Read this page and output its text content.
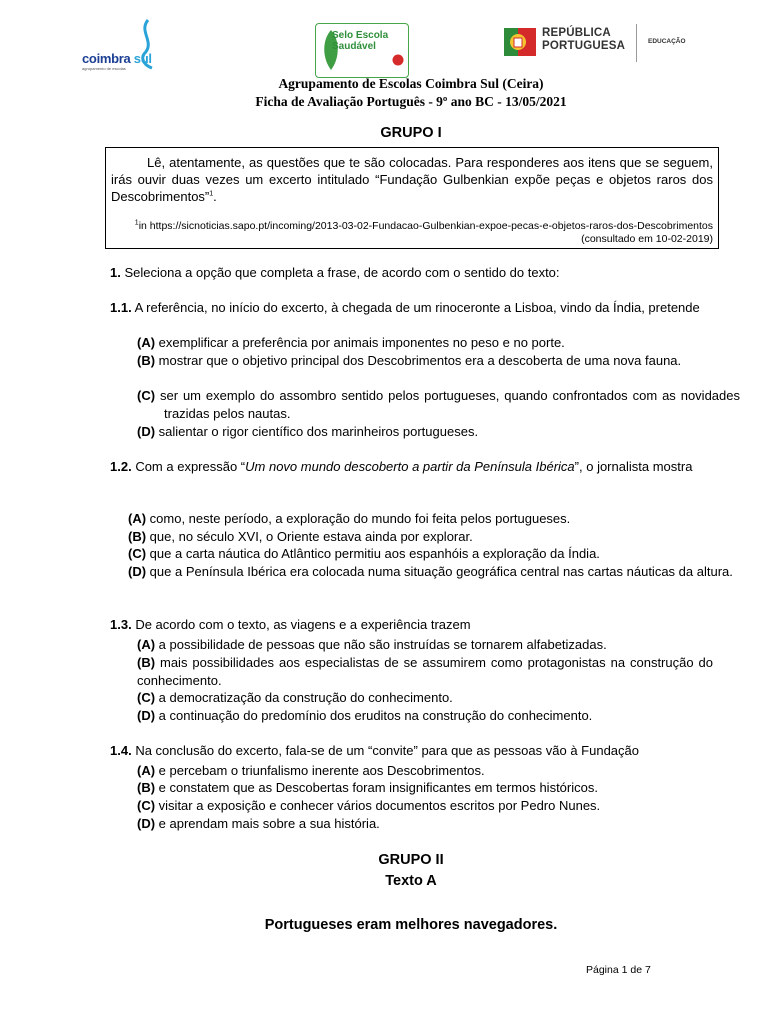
coimbra sul
agrupamento de escolas
Selo Escola Saudável
REPÚBLICA
PORTUGUESA	EDUCAÇÃO
Agrupamento de Escolas Coimbra Sul (Ceira)
Ficha de Avaliação Português - 9º ano BC - 13/05/2021
GRUPO I
Lê, atentamente, as questões que te são colocadas. Para responderes aos itens que se seguem, irás ouvir duas vezes um excerto intitulado “Fundação Gulbenkian expõe peças e objetos raros dos Descobrimentos”$^1$.
$^1$in https://sicnoticias.sapo.pt/incoming/2013-03-02-Fundacao-Gulbenkian-expoe-pecas-e-objetos-raros-dos-Descobrimentos (consultado em 10-02-2019)
1. Seleciona a opção que completa a frase, de acordo com o sentido do texto:
1.1. A referência, no início do excerto, à chegada de um rinoceronte a Lisboa, vindo da Índia, pretende
(A) exemplificar a preferência por animais imponentes no peso e no porte.
(B) mostrar que o objetivo principal dos Descobrimentos era a descoberta de uma nova fauna.
(C) ser um exemplo do assombro sentido pelos portugueses, quando confrontados com as novidades trazidas pelos nautas.
(D) salientar o rigor científico dos marinheiros portugueses.
1.2. Com a expressão “Um novo mundo descoberto a partir da Península Ibérica”, o jornalista mostra
(A) como, neste período, a exploração do mundo foi feita pelos portugueses.
(B) que, no século XVI, o Oriente estava ainda por explorar.
(C) que a carta náutica do Atlântico permitiu aos espanhóis a exploração da Índia.
(D) que a Península Ibérica era colocada numa situação geográfica central nas cartas náuticas da altura.
1.3. De acordo com o texto, as viagens e a experiência trazem
(A) a possibilidade de pessoas que não são instruídas se tornarem alfabetizadas.
(B) mais possibilidades aos especialistas de se assumirem como protagonistas na construção do conhecimento.
(C) a democratização da construção do conhecimento.
(D) a continuação do predomínio dos eruditos na construção do conhecimento.
1.4. Na conclusão do excerto, fala-se de um “convite” para que as pessoas vão à Fundação
(A) e percebam o triunfalismo inerente aos Descobrimentos.
(B) e constatem que as Descobertas foram insignificantes em termos históricos.
(C) visitar a exposição e conhecer vários documentos escritos por Pedro Nunes.
(D) e aprendam mais sobre a sua história.
GRUPO II
Texto A
Portugueses eram melhores navegadores.
Página 1 de 7
